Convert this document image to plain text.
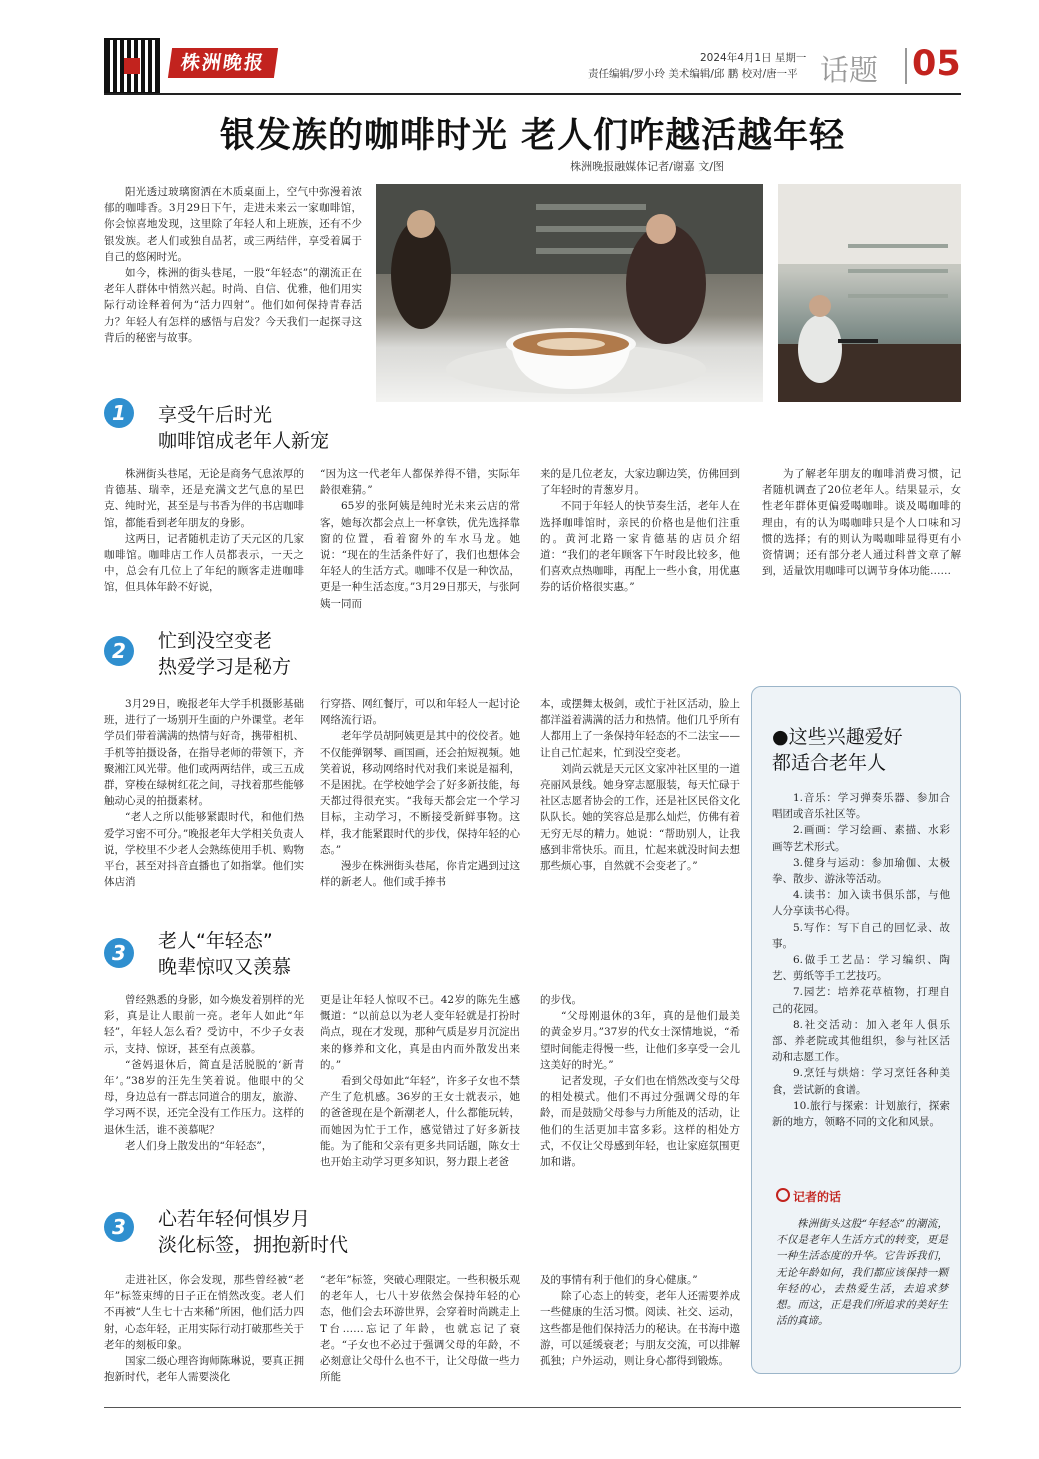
株洲晚报	2024年4月1日 星期一
责任编辑/罗小玲 美术编辑/邱 鹏 校对/唐一平 话题 05
银发族的咖啡时光 老人们咋越活越年轻
株洲晚报融媒体记者/谢嘉 文/图

阳光透过玻璃窗洒在木质桌面上，空气中弥漫着浓郁的咖啡香。3月29日下午，走进未来云一家咖啡馆，你会惊喜地发现，这里除了年轻人和上班族，还有不少银发族。老人们或独自品茗，或三两结伴，享受着属于自己的悠闲时光。

如今，株洲的街头巷尾，一股“年轻态”的潮流正在老年人群体中悄然兴起。时尚、自信、优雅，他们用实际行动诠释着何为“活力四射”。他们如何保持青春活力？年轻人有怎样的感悟与启发？今天我们一起探寻这背后的秘密与故事。

1	享受午后时光
咖啡馆成老年人新宠

株洲街头巷尾，无论是商务气息浓厚的肯德基、瑞幸，还是充满文艺气息的星巴克、纯时光，甚至是与书香为伴的书店咖啡馆，都能看到老年朋友的身影。

这两日，记者随机走访了天元区的几家咖啡馆。咖啡店工作人员都表示，一天之中，总会有几位上了年纪的顾客走进咖啡馆，但具体年龄不好说，

“因为这一代老年人都保养得不错，实际年龄很难猜。”

65岁的张阿姨是纯时光未来云店的常客，她每次都会点上一杯拿铁，优先选择靠窗的位置，看着窗外的车水马龙。她说：“现在的生活条件好了，我们也想体会年轻人的生活方式。咖啡不仅是一种饮品，更是一种生活态度。”3月29日那天，与张阿姨一同而

来的是几位老友，大家边聊边笑，仿佛回到了年轻时的青葱岁月。

不同于年轻人的快节奏生活，老年人在选择咖啡馆时，亲民的价格也是他们注重的。黄河北路一家肯德基的店员介绍道：“我们的老年顾客下午时段比较多，他们喜欢点热咖啡，再配上一些小食，用优惠券的话价格很实惠。”

为了解老年朋友的咖啡消费习惯，记者随机调查了20位老年人。结果显示，女性老年群体更偏爱喝咖啡。谈及喝咖啡的理由，有的认为喝咖啡只是个人口味和习惯的选择；有的则认为喝咖啡显得更有小资情调；还有部分老人通过科普文章了解到，适量饮用咖啡可以调节身体功能……

2	忙到没空变老
热爱学习是秘方

3月29日，晚报老年大学手机摄影基础班，进行了一场别开生面的户外课堂。老年学员们带着满满的热情与好奇，携带相机、手机等拍摄设备，在指导老师的带领下，齐聚湘江风光带。他们或两两结伴，或三五成群，穿梭在绿树红花之间，寻找着那些能够触动心灵的拍摄素材。

“老人之所以能够紧跟时代，和他们热爱学习密不可分。”晚报老年大学相关负责人说，学校里不少老人会熟练使用手机、购物平台，甚至对抖音直播也了如指掌。他们实体店消

行穿搭、网红餐厅，可以和年轻人一起讨论网络流行语。

老年学员胡阿姨更是其中的佼佼者。她不仅能弹钢琴、画国画，还会拍短视频。她笑着说，移动网络时代对我们来说是福利，不是困扰。在学校她学会了好多新技能，每天都过得很充实。“我每天都会定一个学习目标，主动学习，不断接受新鲜事物。这样，我才能紧跟时代的步伐，保持年轻的心态。”

漫步在株洲街头巷尾，你肯定遇到过这样的新老人。他们或手捧书

本，或摆舞太极剑，或忙于社区活动，脸上都洋溢着满满的活力和热情。他们几乎所有人都用上了一条保持年轻态的不二法宝——让自己忙起来，忙到没空变老。

刘尚云就是天元区文家冲社区里的一道亮丽风景线。她身穿志愿服装，每天忙碌于社区志愿者协会的工作，还是社区民俗文化队队长。她的笑容总是那么灿烂，仿佛有着无穷无尽的精力。她说：“帮助别人，让我感到非常快乐。而且，忙起来就没时间去想那些烦心事，自然就不会变老了。”

3	老人“年轻态”
晚辈惊叹又羡慕

曾经熟悉的身影，如今焕发着别样的光彩，真是让人眼前一亮。老年人如此“年轻”，年轻人怎么看？受访中，不少子女表示，支持、惊讶，甚至有点羡慕。

“爸妈退休后，简直是活脱脱的‘新青年’。”38岁的汪先生笑着说。他眼中的父母，身边总有一群志同道合的朋友，旅游、学习两不误，还完全没有工作压力。这样的退休生活，谁不羡慕呢？

老人们身上散发出的“年轻态”，

更是让年轻人惊叹不已。42岁的陈先生感慨道：“以前总以为老人变年轻就是打扮时尚点，现在才发现，那种气质是岁月沉淀出来的修养和文化，真是由内而外散发出来的。”

看到父母如此“年轻”，许多子女也不禁产生了危机感。36岁的王女士就表示，她的爸爸现在是个新潮老人，什么都能玩转，而她因为忙于工作，感觉错过了好多新技能。为了能和父亲有更多共同话题，陈女士也开始主动学习更多知识，努力跟上老爸

的步伐。

“父母刚退休的3年，真的是他们最美的黄金岁月。”37岁的代女士深情地说，“希望时间能走得慢一些，让他们多享受一会儿这美好的时光。”

记者发现，子女们也在悄然改变与父母的相处模式。他们不再过分强调父母的年龄，而是鼓励父母参与力所能及的活动，让他们的生活更加丰富多彩。这样的相处方式，不仅让父母感到年轻，也让家庭氛围更加和谐。

3	心若年轻何惧岁月
淡化标签，拥抱新时代

走进社区，你会发现，那些曾经被“老年”标签束缚的日子正在悄然改变。老人们不再被“人生七十古来稀”所困，他们活力四射，心态年轻，正用实际行动打破那些关于老年的刻板印象。

国家二级心理咨询师陈琳说，要真正拥抱新时代，老年人需要淡化

“老年”标签，突破心理限定。一些积极乐观的老年人，七八十岁依然会保持年轻的心态，他们会去环游世界，会穿着时尚跳走上T台……忘记了年龄，也就忘记了衰老。“子女也不必过于强调父母的年龄，不必刻意让父母什么也不干，让父母做一些力所能

及的事情有利于他们的身心健康。”

除了心态上的转变，老年人还需要养成一些健康的生活习惯。阅读、社交、运动，这些都是他们保持活力的秘诀。在书海中遨游，可以延缓衰老；与朋友交流，可以排解孤独；户外运动，则让身心都得到锻炼。

●这些兴趣爱好
都适合老年人

1.音乐：学习弹奏乐器、参加合唱团或音乐社区等。

2.画画：学习绘画、素描、水彩画等艺术形式。

3.健身与运动：参加瑜伽、太极拳、散步、游泳等活动。

4.读书：加入读书俱乐部，与他人分享读书心得。

5.写作：写下自己的回忆录、故事。

6.做手工艺品：学习编织、陶艺、剪纸等手工艺技巧。

7.园艺：培养花草植物，打理自己的花园。

8.社交活动：加入老年人俱乐部、养老院或其他组织，参与社区活动和志愿工作。

9.烹饪与烘焙：学习烹饪各种美食，尝试新的食谱。

10.旅行与探索：计划旅行，探索新的地方，领略不同的文化和风景。

记者的话

株洲街头这股“年轻态”的潮流，不仅是老年人生活方式的转变，更是一种生活态度的升华。它告诉我们，无论年龄如何，我们都应该保持一颗年轻的心，去热爱生活，去追求梦想。而这，正是我们所追求的美好生活的真谛。
